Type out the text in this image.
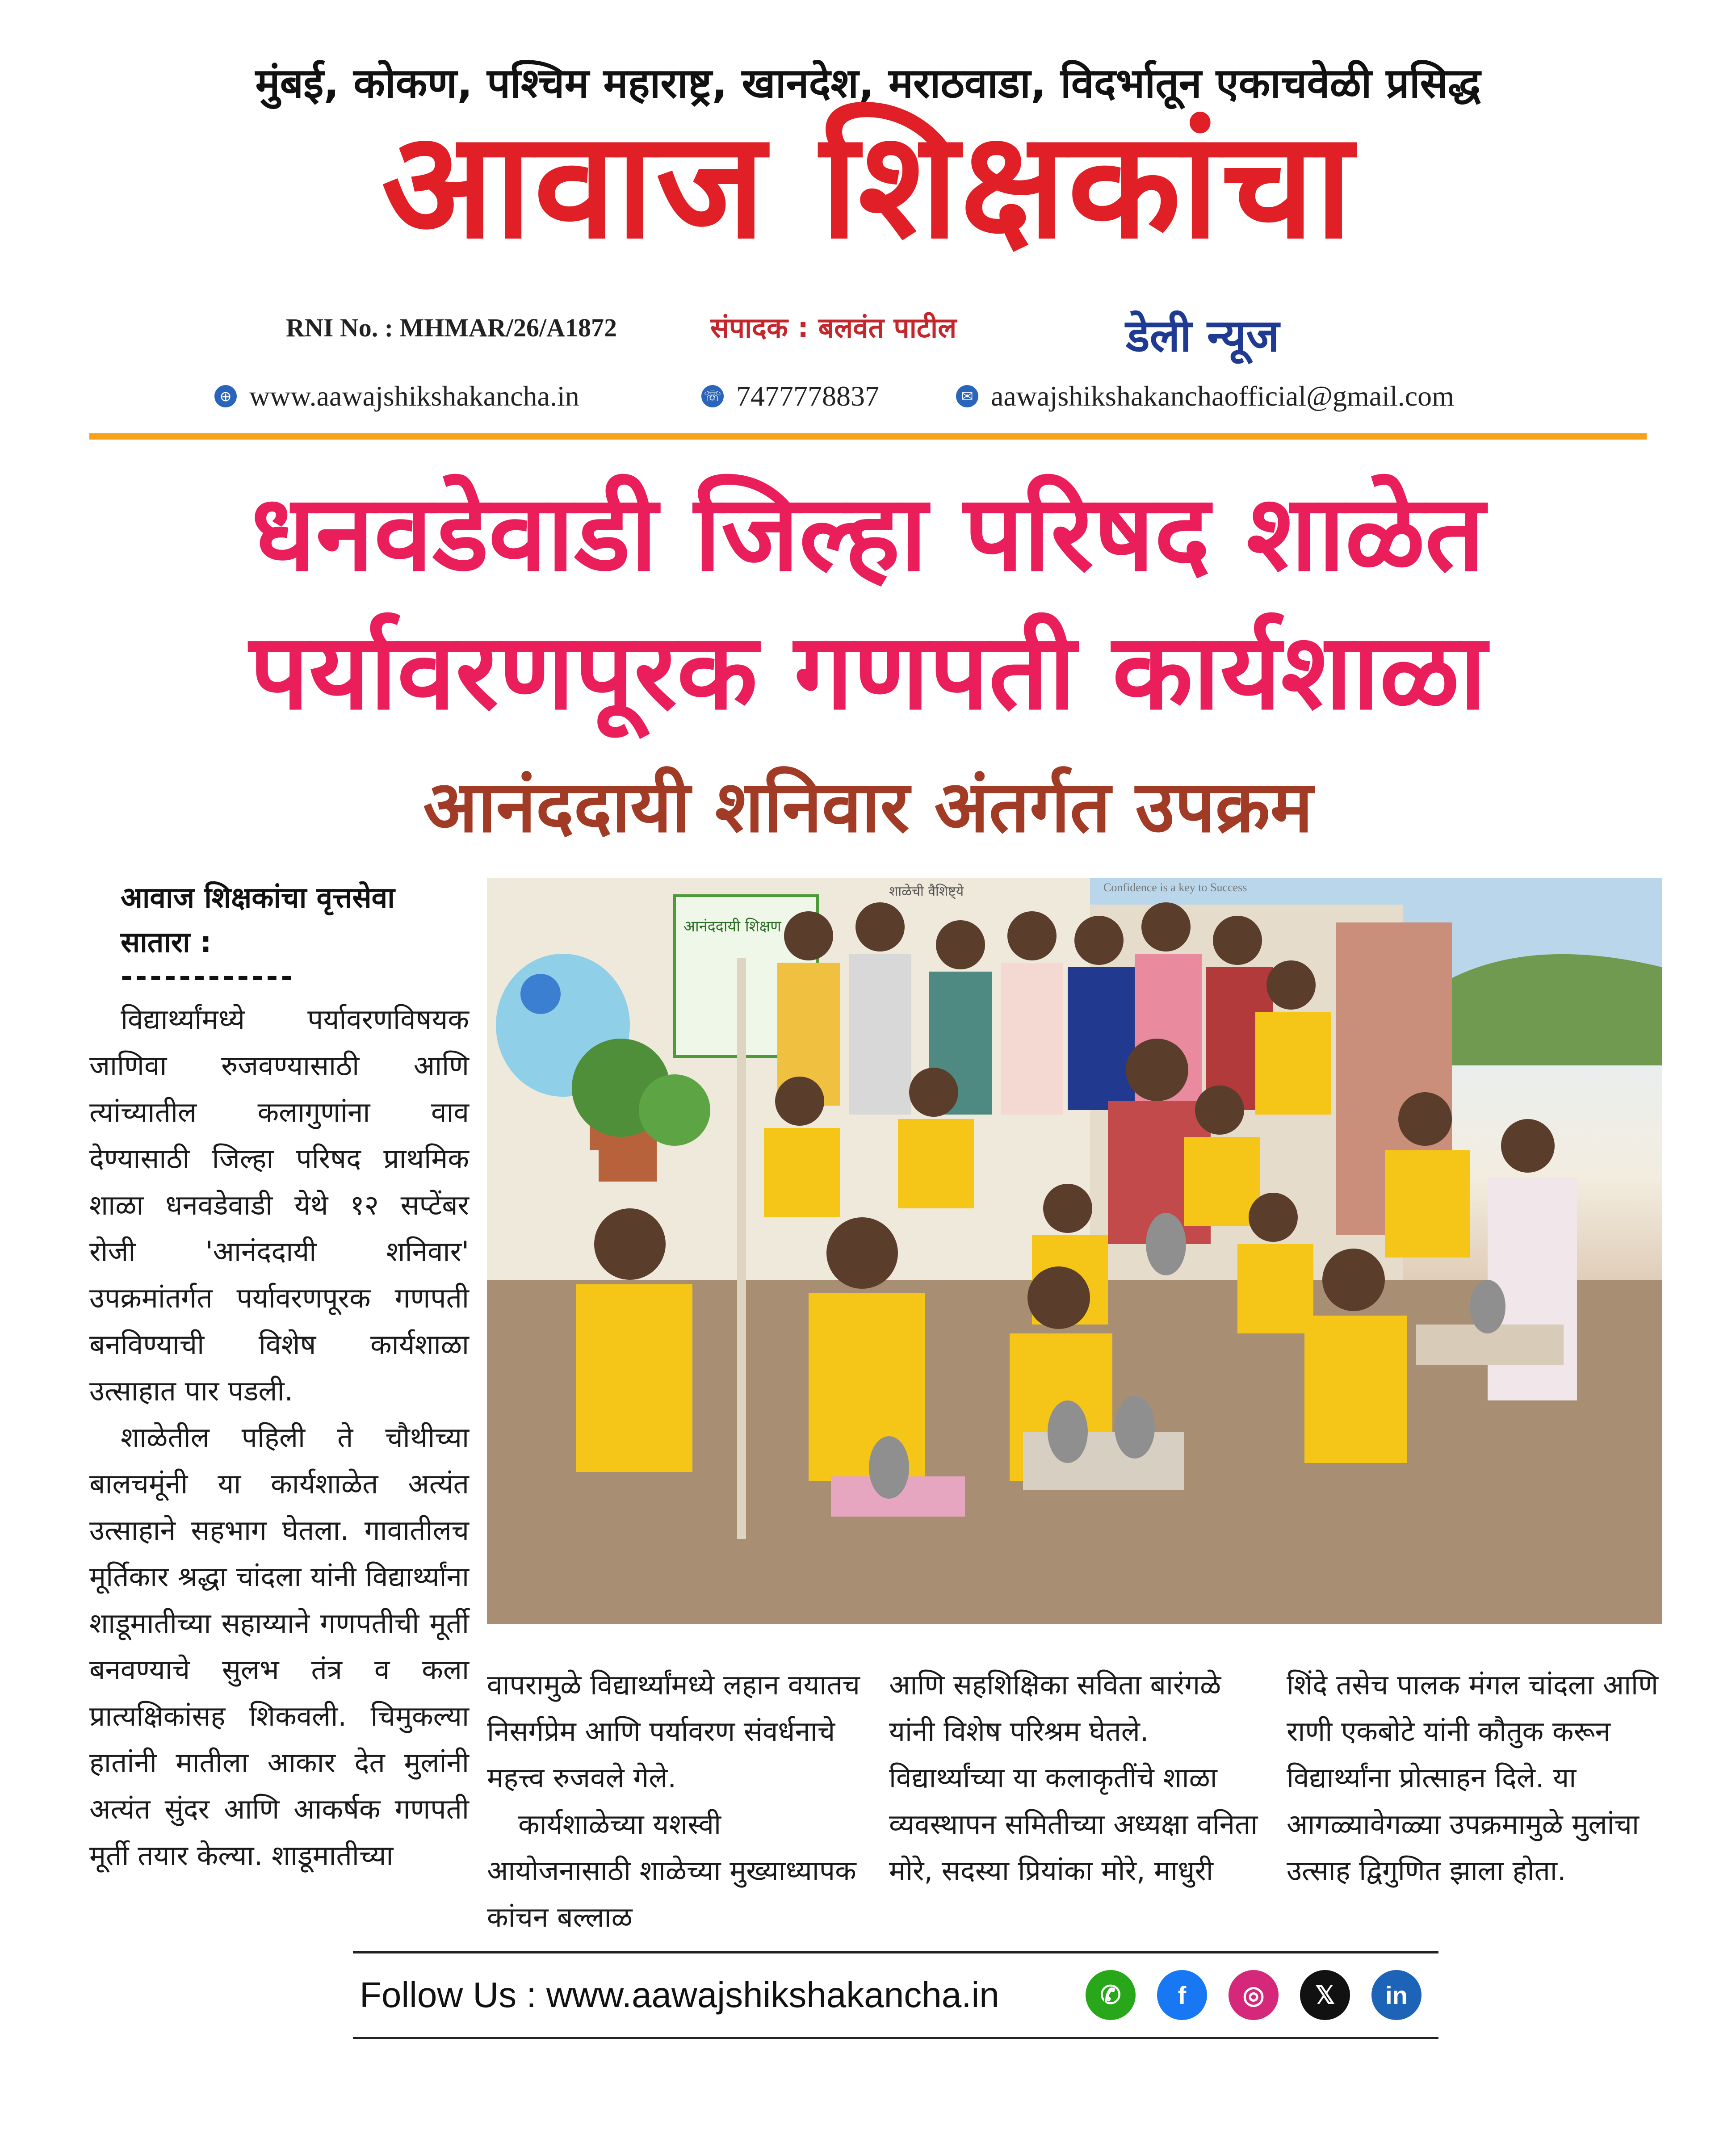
मुंबई, कोकण, पश्चिम महाराष्ट्र, खानदेश, मराठवाडा, विदर्भातून एकाचवेळी प्रसिद्ध
आवाज शिक्षकांचा
RNI No. : MHMAR/26/A1872	संपादक : बलवंत पाटील	डेली न्यूज
⊕ www.aawajshikshakancha.in	☏ 7477778837	✉ aawajshikshakanchaofficial@gmail.com
धनवडेवाडी जिल्हा परिषद शाळेत
पर्यावरणपूरक गणपती कार्यशाळा
आनंददायी शनिवार अंतर्गत उपक्रम
आवाज शिक्षकांचा वृत्तसेवा
सातारा :
------------

विद्यार्थ्यांमध्ये पर्यावरणविषयक जाणिवा रुजवण्यासाठी आणि त्यांच्यातील कलागुणांना वाव देण्यासाठी जिल्हा परिषद प्राथमिक शाळा धनवडेवाडी येथे १२ सप्टेंबर रोजी 'आनंददायी शनिवार' उपक्रमांतर्गत पर्यावरणपूरक गणपती बनविण्याची विशेष कार्यशाळा उत्साहात पार पडली.

शाळेतील पहिली ते चौथीच्या बालचमूंनी या कार्यशाळेत अत्यंत उत्साहाने सहभाग घेतला. गावातीलच मूर्तिकार श्रद्धा चांदला यांनी विद्यार्थ्यांना शाडूमातीच्या सहाय्याने गणपतीची मूर्ती बनवण्याचे सुलभ तंत्र व कला प्रात्यक्षिकांसह शिकवली. चिमुकल्या हातांनी मातीला आकार देत मुलांनी अत्यंत सुंदर आणि आकर्षक गणपती मूर्ती तयार केल्या. शाडूमातीच्या

आनंददायी शिक्षण
शाळेची वैशिष्ट्ये	Confidence is a key to Success

वापरामुळे विद्यार्थ्यांमध्ये लहान वयातच निसर्गप्रेम आणि पर्यावरण संवर्धनाचे महत्त्व रुजवले गेले.

कार्यशाळेच्या यशस्वी आयोजनासाठी शाळेच्या मुख्याध्यापक कांचन बल्लाळ

आणि सहशिक्षिका सविता बारंगळे यांनी विशेष परिश्रम घेतले. विद्यार्थ्यांच्या या कलाकृतींचे शाळा व्यवस्थापन समितीच्या अध्यक्षा वनिता मोरे, सदस्या प्रियांका मोरे, माधुरी

शिंदे तसेच पालक मंगल चांदला आणि राणी एकबोटे यांनी कौतुक करून विद्यार्थ्यांना प्रोत्साहन दिले. या आगळ्यावेगळ्या उपक्रमामुळे मुलांचा उत्साह द्विगुणित झाला होता.

Follow Us : www.aawajshikshakancha.in	✆	f	◎	𝕏	in
